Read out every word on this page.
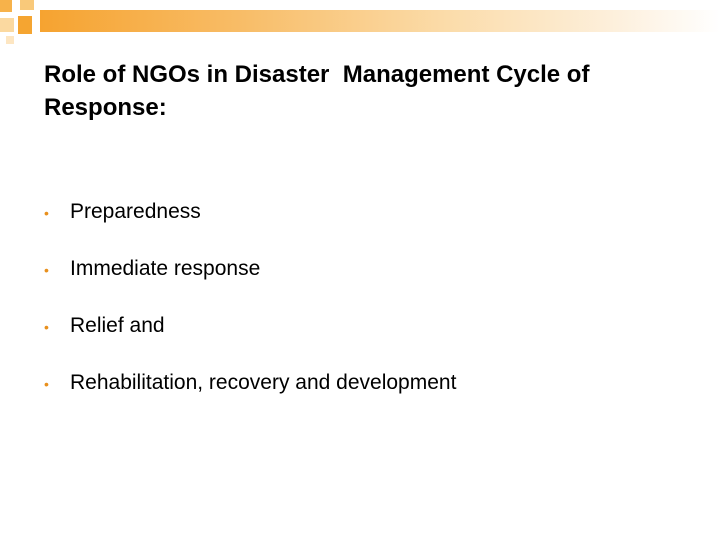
Role of NGOs in Disaster  Management Cycle of Response:
•	Preparedness
•	Immediate response
•	Relief and
•	Rehabilitation, recovery and development
